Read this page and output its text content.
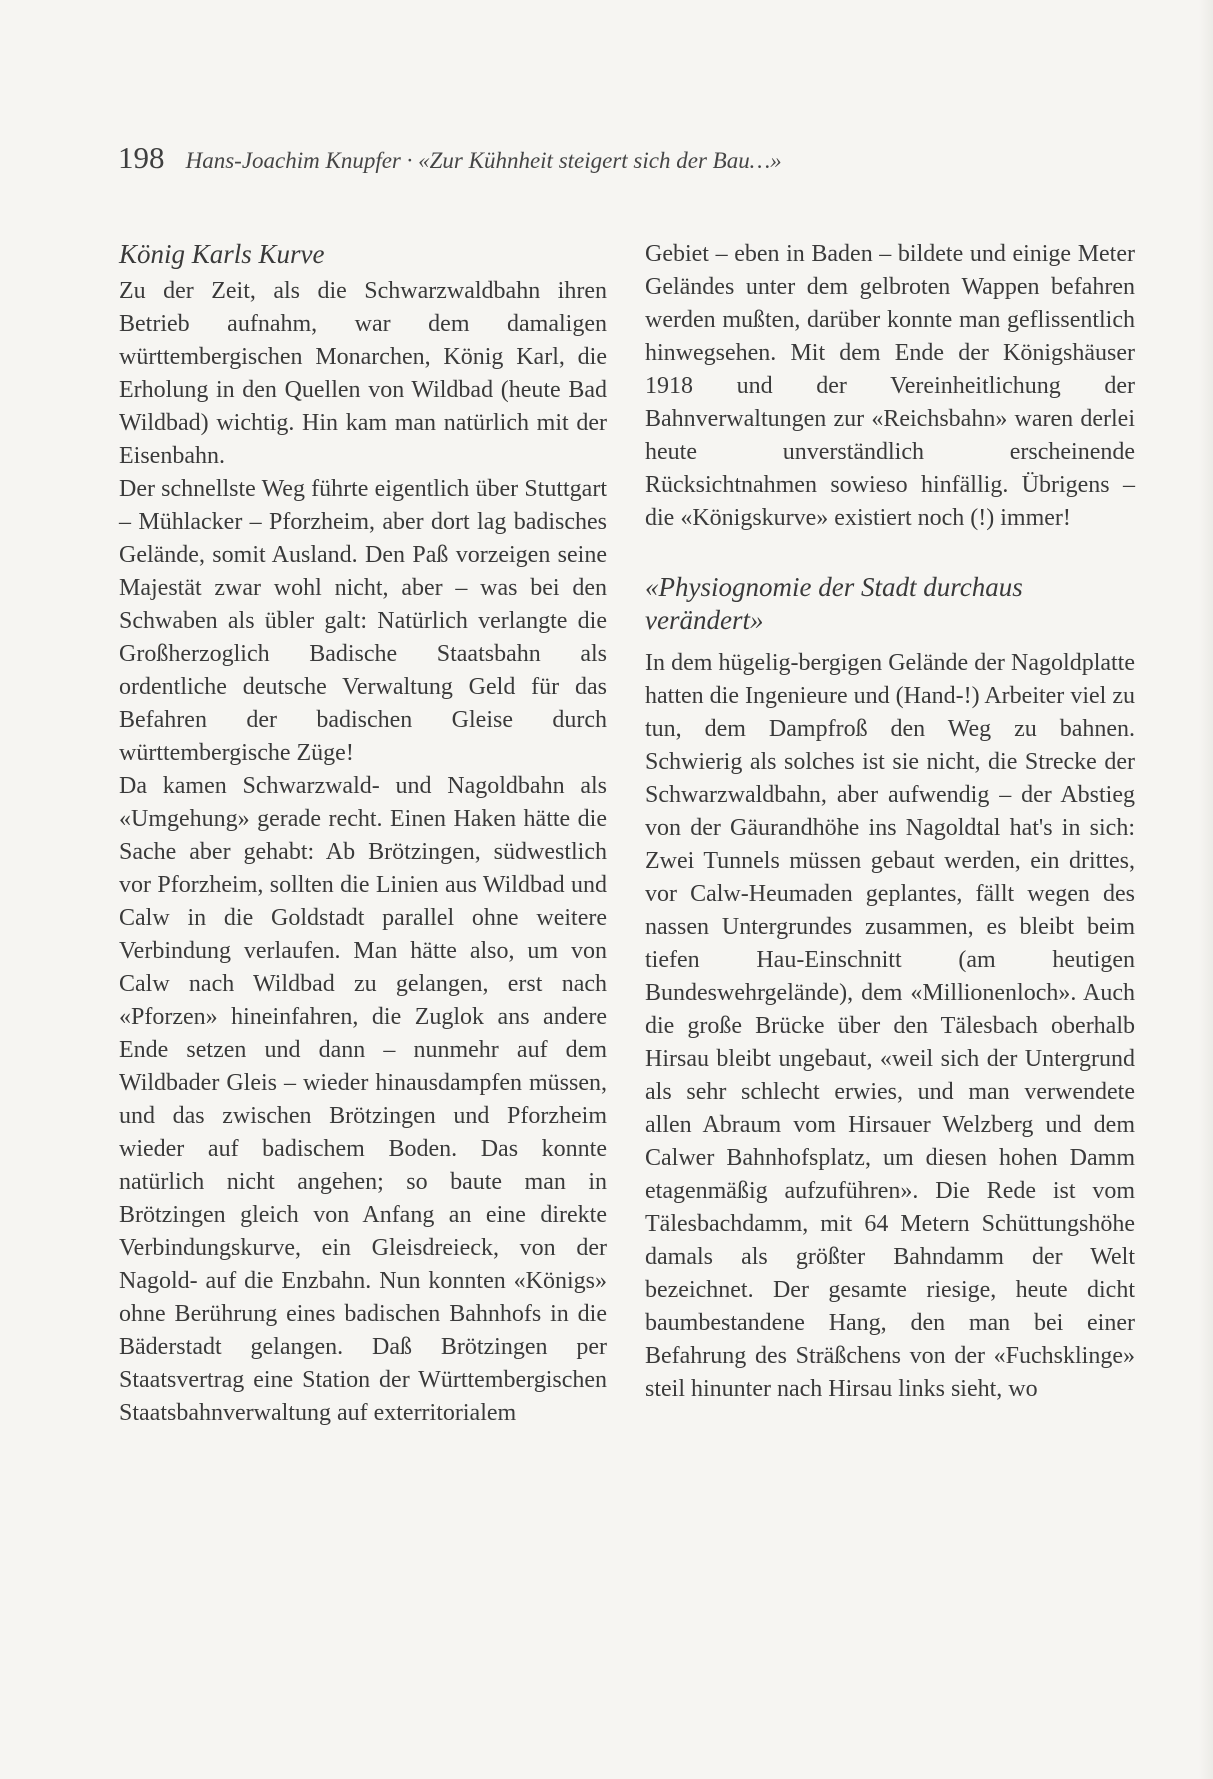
198 Hans-Joachim Knupfer · «Zur Kühnheit steigert sich der Bau…»
König Karls Kurve

Zu der Zeit, als die Schwarzwaldbahn ihren Betrieb aufnahm, war dem damaligen württembergischen Monarchen, König Karl, die Erholung in den Quellen von Wildbad (heute Bad Wildbad) wichtig. Hin kam man natürlich mit der Eisenbahn.

Der schnellste Weg führte eigentlich über Stuttgart – Mühlacker – Pforzheim, aber dort lag badisches Gelände, somit Ausland. Den Paß vorzeigen seine Majestät zwar wohl nicht, aber – was bei den Schwaben als übler galt: Natürlich verlangte die Großherzoglich Badische Staatsbahn als ordentliche deutsche Verwaltung Geld für das Befahren der badischen Gleise durch württembergische Züge!

Da kamen Schwarzwald- und Nagoldbahn als «Umgehung» gerade recht. Einen Haken hätte die Sache aber gehabt: Ab Brötzingen, südwestlich vor Pforzheim, sollten die Linien aus Wildbad und Calw in die Goldstadt parallel ohne weitere Verbindung verlaufen. Man hätte also, um von Calw nach Wildbad zu gelangen, erst nach «Pforzen» hineinfahren, die Zuglok ans andere Ende setzen und dann – nunmehr auf dem Wildbader Gleis – wieder hinausdampfen müssen, und das zwischen Brötzingen und Pforzheim wieder auf badischem Boden. Das konnte natürlich nicht angehen; so baute man in Brötzingen gleich von Anfang an eine direkte Verbindungskurve, ein Gleisdreieck, von der Nagold- auf die Enzbahn. Nun konnten «Königs» ohne Berührung eines badischen Bahnhofs in die Bäderstadt gelangen. Daß Brötzingen per Staatsvertrag eine Station der Württembergischen Staatsbahnverwaltung auf exterritorialem

Gebiet – eben in Baden – bildete und einige Meter Geländes unter dem gelbroten Wappen befahren werden mußten, darüber konnte man geflissentlich hinwegsehen. Mit dem Ende der Königshäuser 1918 und der Vereinheitlichung der Bahnverwaltungen zur «Reichsbahn» waren derlei heute unverständlich erscheinende Rücksichtnahmen sowieso hinfällig. Übrigens – die «Königskurve» existiert noch (!) immer!

«Physiognomie der Stadt durchaus verändert»

In dem hügelig-bergigen Gelände der Nagoldplatte hatten die Ingenieure und (Hand-!) Arbeiter viel zu tun, dem Dampfroß den Weg zu bahnen. Schwierig als solches ist sie nicht, die Strecke der Schwarzwaldbahn, aber aufwendig – der Abstieg von der Gäurandhöhe ins Nagoldtal hat's in sich: Zwei Tunnels müssen gebaut werden, ein drittes, vor Calw-Heumaden geplantes, fällt wegen des nassen Untergrundes zusammen, es bleibt beim tiefen Hau-Einschnitt (am heutigen Bundeswehrgelände), dem «Millionenloch». Auch die große Brücke über den Tälesbach oberhalb Hirsau bleibt ungebaut, «weil sich der Untergrund als sehr schlecht erwies, und man verwendete allen Abraum vom Hirsauer Welzberg und dem Calwer Bahnhofsplatz, um diesen hohen Damm etagenmäßig aufzuführen». Die Rede ist vom Tälesbachdamm, mit 64 Metern Schüttungshöhe damals als größter Bahndamm der Welt bezeichnet. Der gesamte riesige, heute dicht baumbestandene Hang, den man bei einer Befahrung des Sträßchens von der «Fuchsklinge» steil hinunter nach Hirsau links sieht, wo
